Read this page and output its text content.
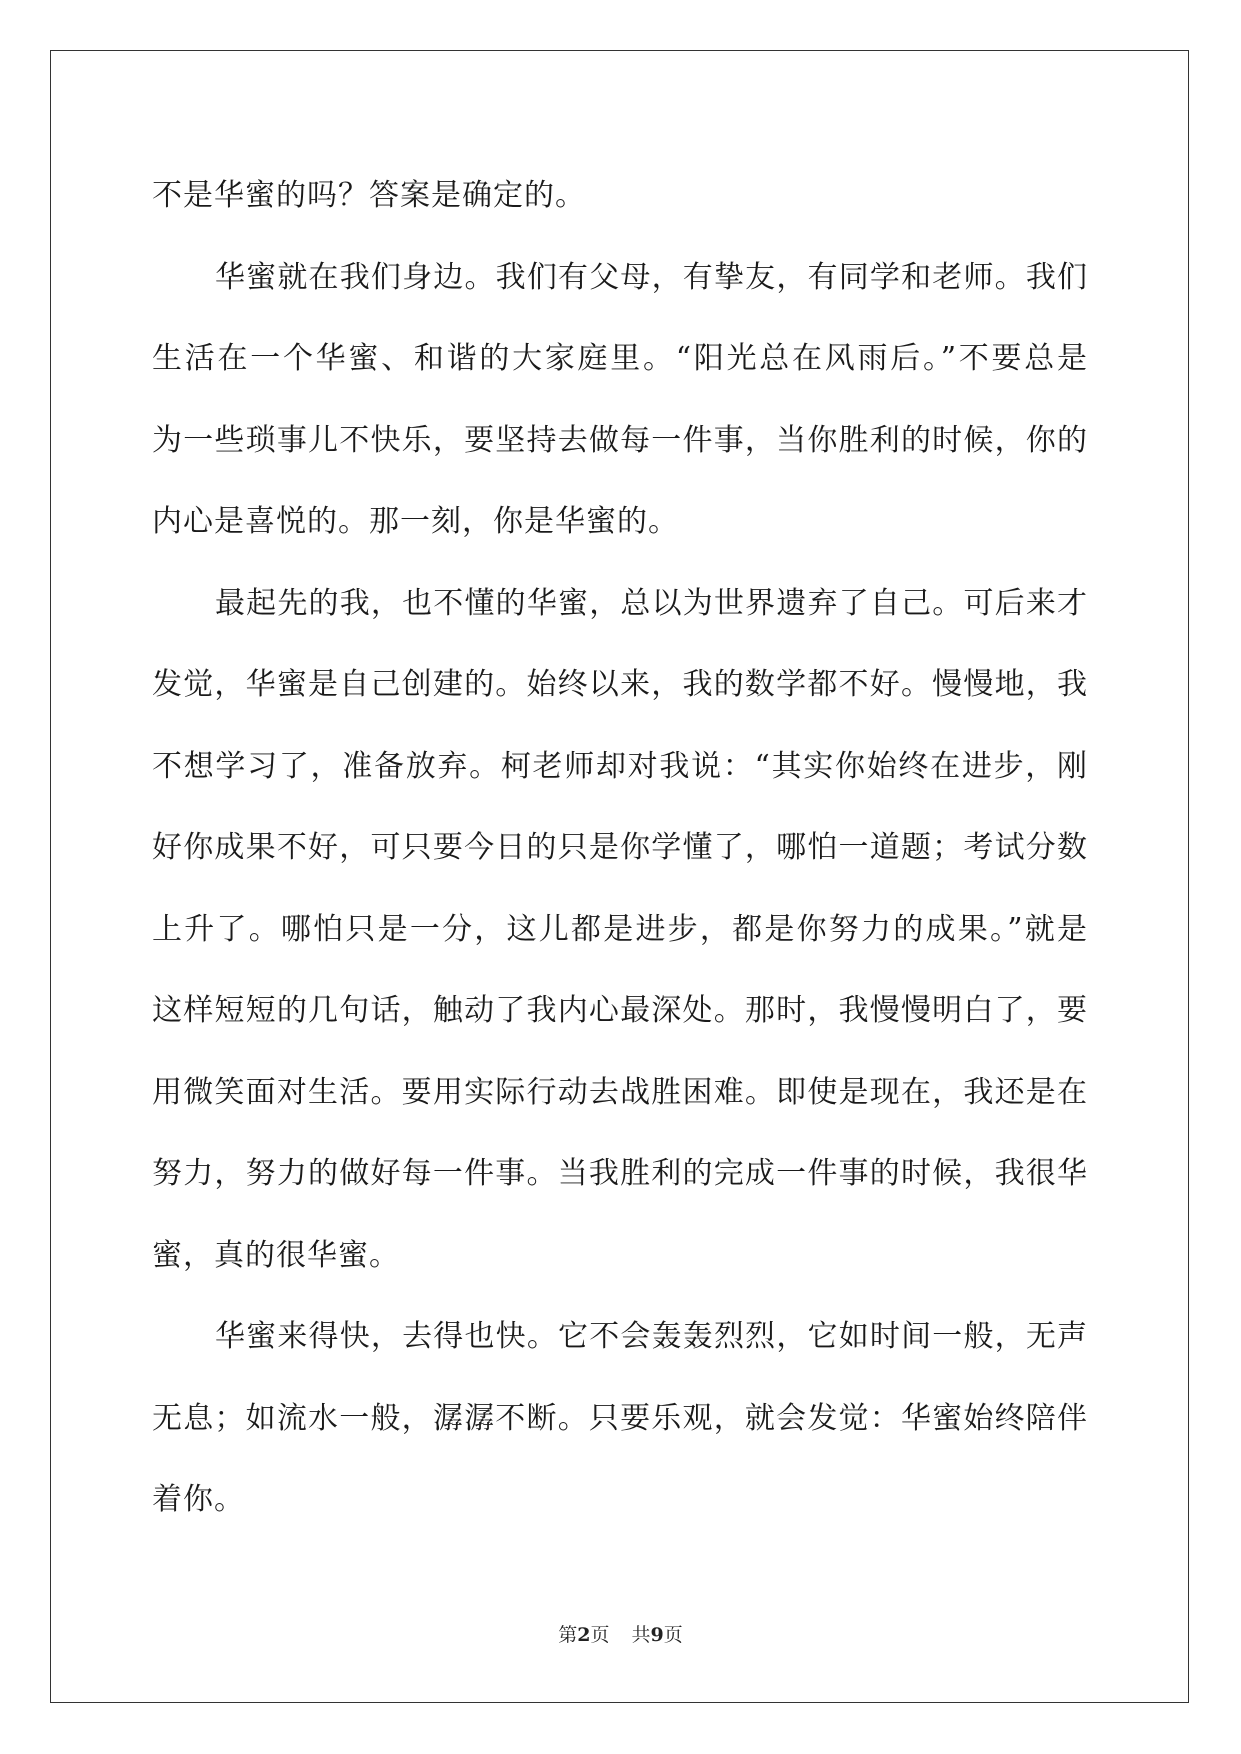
不是华蜜的吗？答案是确定的。
华蜜就在我们身边。我们有父母，有挚友，有同学和老师。我们
生活在一个华蜜、和谐的大家庭里。“阳光总在风雨后。”不要总是
为一些琐事儿不快乐，要坚持去做每一件事，当你胜利的时候，你的
内心是喜悦的。那一刻，你是华蜜的。
最起先的我，也不懂的华蜜，总以为世界遗弃了自己。可后来才
发觉，华蜜是自己创建的。始终以来，我的数学都不好。慢慢地，我
不想学习了，准备放弃。柯老师却对我说：“其实你始终在进步，刚
好你成果不好，可只要今日的只是你学懂了，哪怕一道题；考试分数
上升了。哪怕只是一分，这儿都是进步，都是你努力的成果。”就是
这样短短的几句话，触动了我内心最深处。那时，我慢慢明白了，要
用微笑面对生活。要用实际行动去战胜困难。即使是现在，我还是在
努力，努力的做好每一件事。当我胜利的完成一件事的时候，我很华
蜜，真的很华蜜。
华蜜来得快，去得也快。它不会轰轰烈烈，它如时间一般，无声
无息；如流水一般，潺潺不断。只要乐观，就会发觉：华蜜始终陪伴
着你。
第2页 共9页
